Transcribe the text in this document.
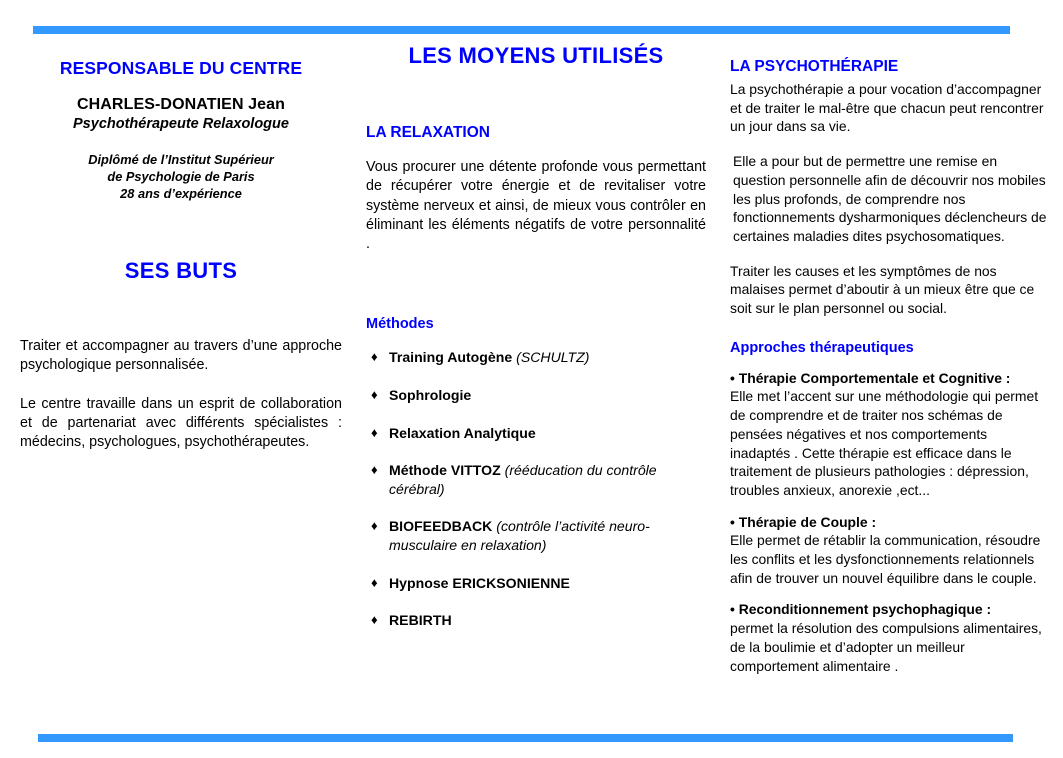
RESPONSABLE DU CENTRE
CHARLES-DONATIEN Jean
Psychothérapeute Relaxologue
Diplômé de l’Institut Supérieur
de Psychologie de Paris
28 ans d’expérience
SES BUTS
Traiter et accompagner au travers d’une approche psychologique personnalisée.
Le centre travaille dans un esprit de collaboration et de partenariat avec différents spécialistes : médecins, psychologues, psychothérapeutes.
LES MOYENS UTILISÉS
LA RELAXATION
Vous procurer une détente profonde vous permettant de récupérer votre énergie et de revitaliser votre système nerveux et ainsi, de mieux vous contrôler en éliminant les éléments négatifs de votre personnalité .
Méthodes
♦ Training Autogène (SCHULTZ)
♦ Sophrologie
♦ Relaxation Analytique
♦ Méthode VITTOZ (rééducation du contrôle cérébral)
♦ BIOFEEDBACK (contrôle l’activité neuro-musculaire en relaxation)
♦ Hypnose ERICKSONIENNE
♦ REBIRTH
LA PSYCHOTHÉRAPIE
La psychothérapie a pour vocation d’accompagner et de traiter le mal-être que chacun peut rencontrer un jour dans sa vie.
Elle a pour but de permettre une remise en question personnelle afin de découvrir nos mobiles les plus profonds, de comprendre nos fonctionnements dysharmoniques déclencheurs de certaines maladies dites psychosomatiques.
Traiter les causes et les symptômes de nos malaises permet d’aboutir à un mieux être que ce soit sur le plan personnel ou social.
Approches thérapeutiques
• Thérapie Comportementale et Cognitive :
Elle met l’accent sur une méthodologie qui permet de comprendre et de traiter nos schémas de pensées négatives et nos comportements inadaptés . Cette thérapie est efficace dans le traitement de plusieurs pathologies : dépression, troubles anxieux, anorexie ,ect...
• Thérapie de Couple :
Elle permet de rétablir la communication, résoudre les conflits et les dysfonctionnements relationnels afin de trouver un nouvel équilibre dans le couple.
• Reconditionnement psychophagique :
permet la résolution des compulsions alimentaires, de la boulimie et d’adopter un meilleur comportement alimentaire .
